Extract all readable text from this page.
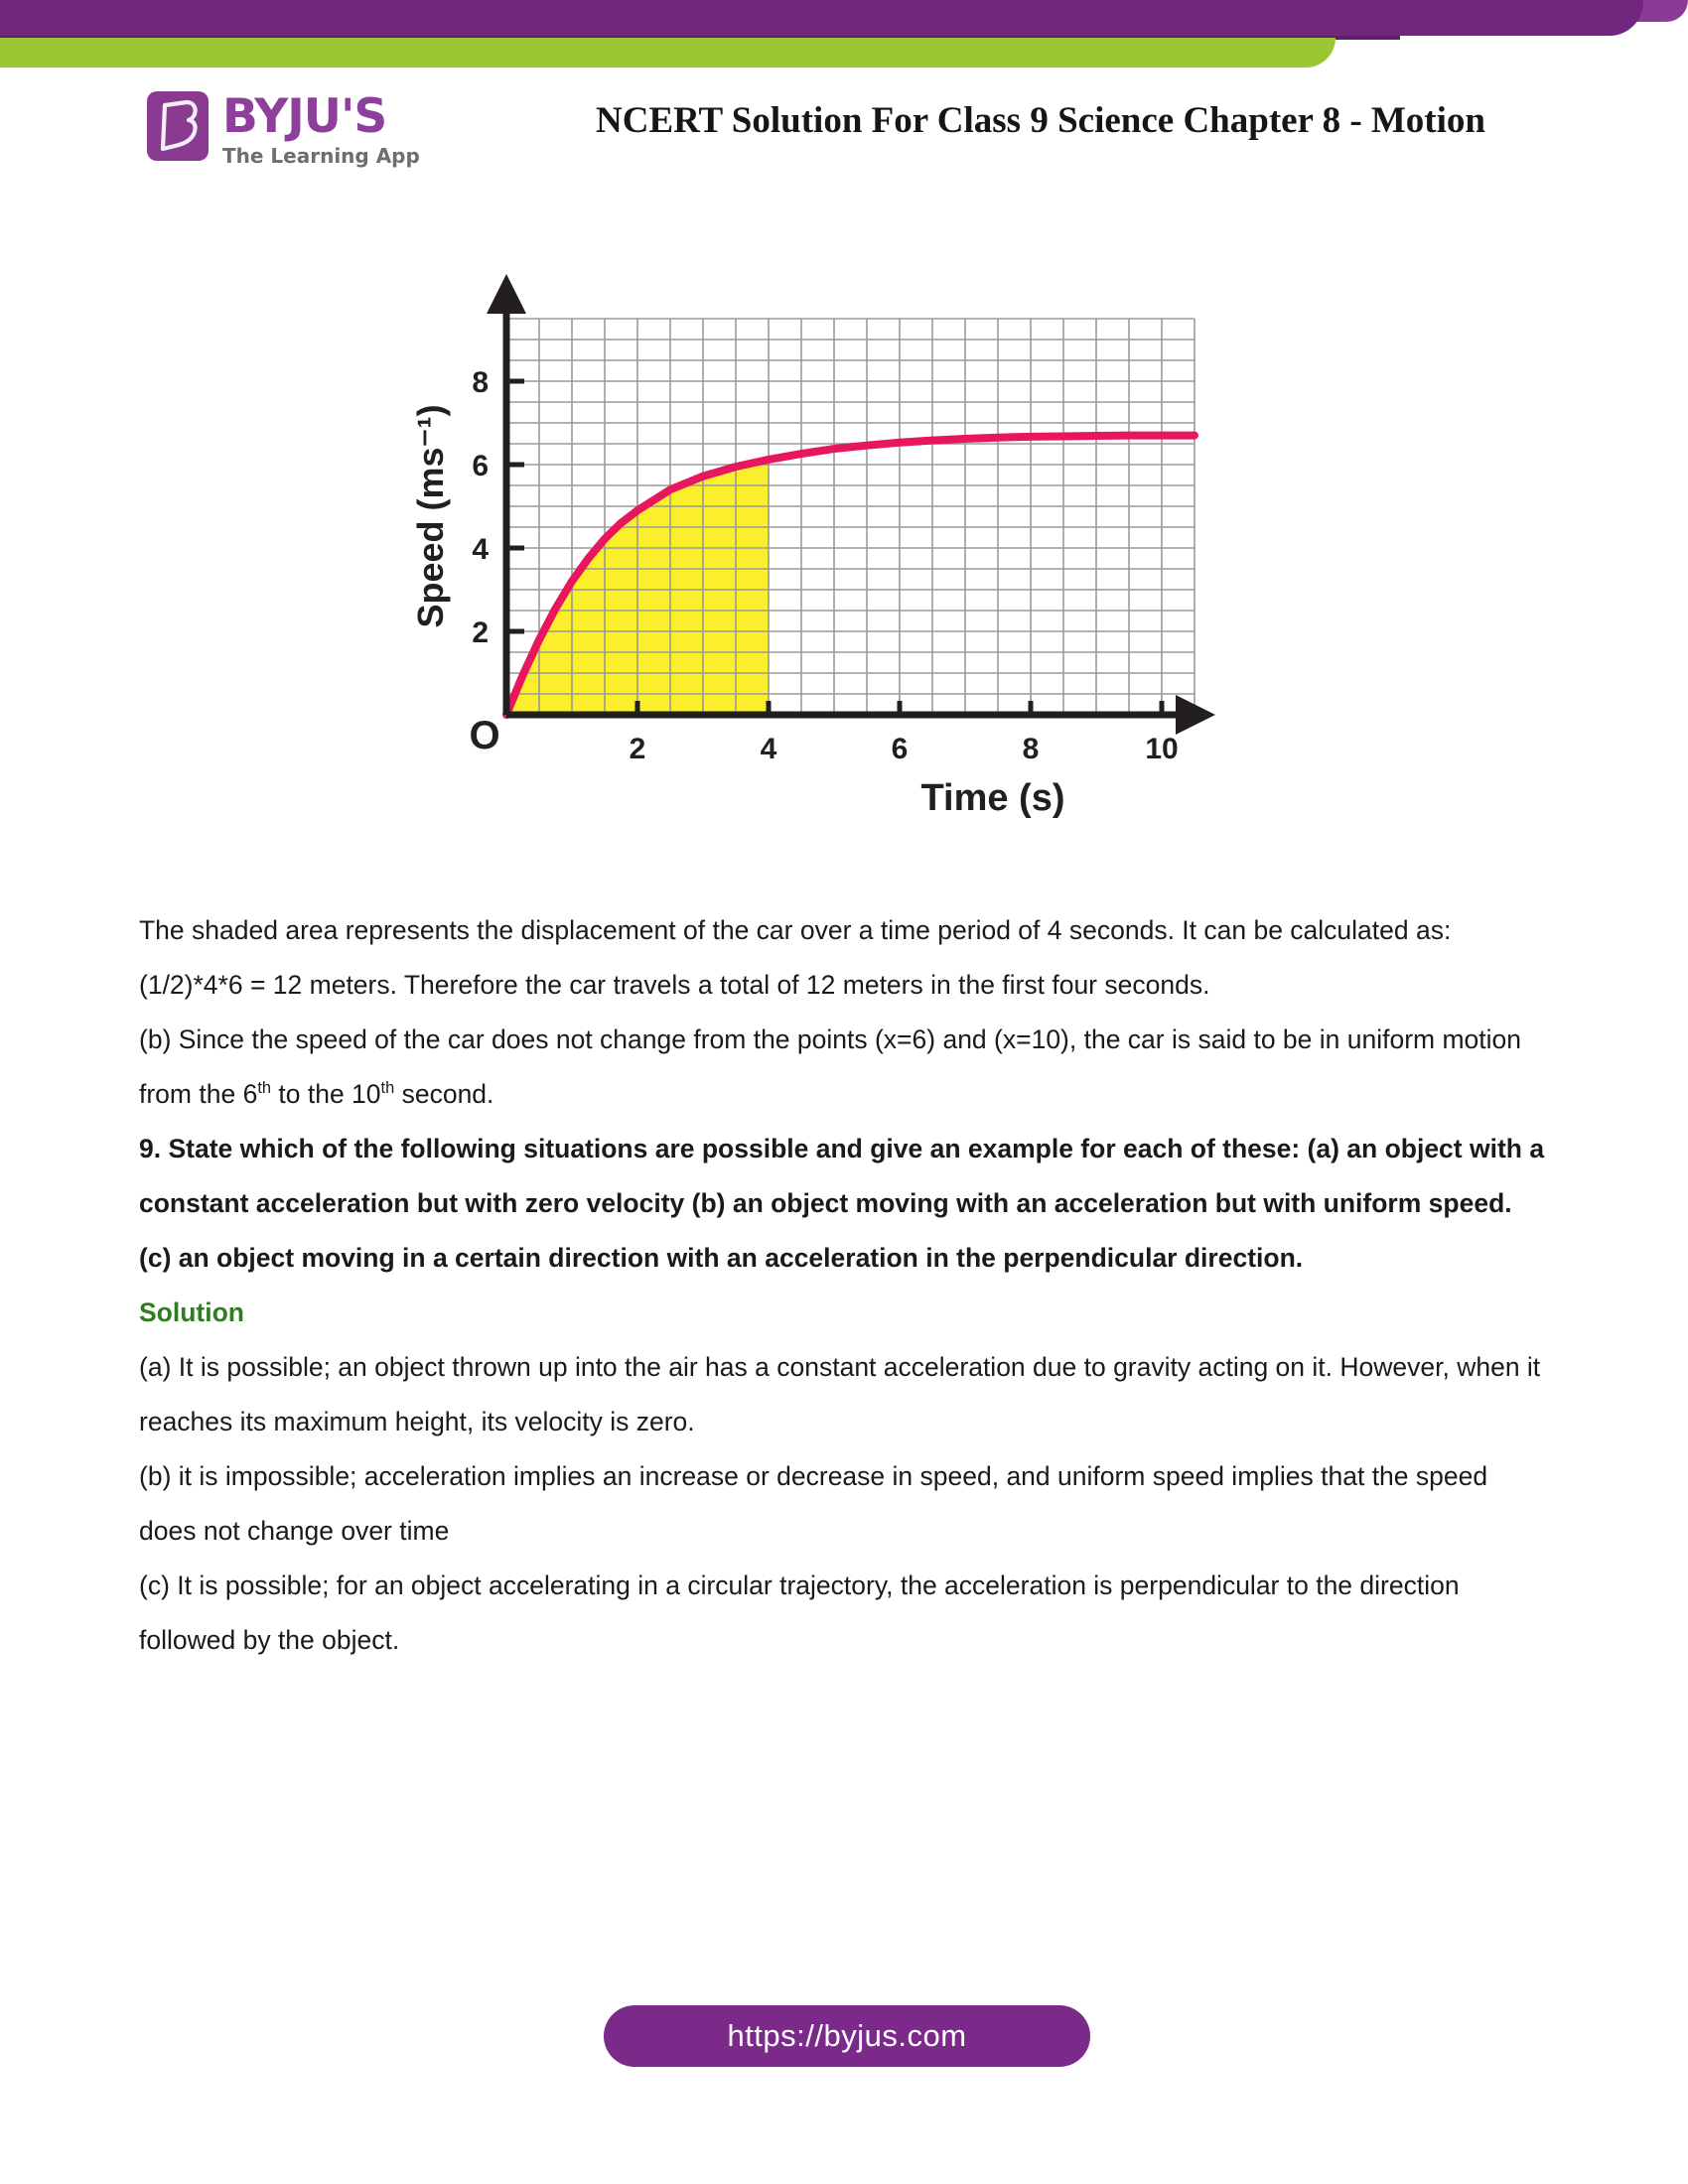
BYJU'S
The Learning App
NCERT Solution For Class 9 Science Chapter 8 - Motion
2	4	6	8	10
2
4
6
8
O
Time (s)
Speed (ms⁻¹)

The shaded area represents the displacement of the car over a time period of 4 seconds. It can be calculated as:

(1/2)*4*6 = 12 meters. Therefore the car travels a total of 12 meters in the first four seconds.

(b) Since the speed of the car does not change from the points (x=6) and (x=10), the car is said to be in uniform motion from the 6th to the 10th second.

9. State which of the following situations are possible and give an example for each of these: (a) an object with a constant acceleration but with zero velocity (b) an object moving with an acceleration but with uniform speed. (c) an object moving in a certain direction with an acceleration in the perpendicular direction.

Solution

(a) It is possible; an object thrown up into the air has a constant acceleration due to gravity acting on it. However, when it reaches its maximum height, its velocity is zero.

(b) it is impossible; acceleration implies an increase or decrease in speed, and uniform speed implies that the speed does not change over time

(c) It is possible; for an object accelerating in a circular trajectory, the acceleration is perpendicular to the direction followed by the object.

https://byjus.com
